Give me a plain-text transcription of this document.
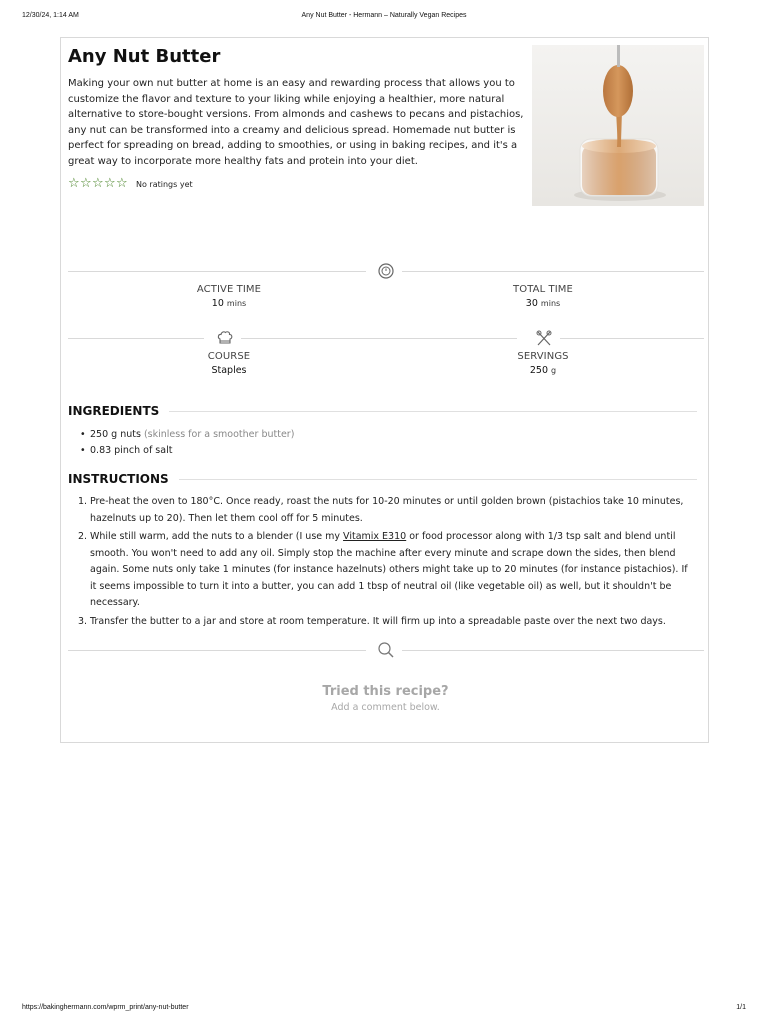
12/30/24, 1:14 AM	Any Nut Butter - Hermann – Naturally Vegan Recipes
Any Nut Butter

Making your own nut butter at home is an easy and rewarding process that allows you to customize the flavor and texture to your liking while enjoying a healthier, more natural alternative to store-bought versions. From almonds and cashews to pecans and pistachios, any nut can be transformed into a creamy and delicious spread. Homemade nut butter is perfect for spreading on bread, adding to smoothies, or using in baking recipes, and it's a great way to incorporate more healthy fats and protein into your diet.

☆ ☆ ☆ ☆ ☆ No ratings yet
ACTIVE TIME
10 mins
TOTAL TIME
30 mins
COURSE
Staples
SERVINGS
250 g
INGREDIENTS
• 250 g nuts (skinless for a smoother butter)
• 0.83 pinch of salt
INSTRUCTIONS
1. Pre-heat the oven to 180°C. Once ready, roast the nuts for 10-20 minutes or until golden brown (pistachios take 10 minutes, hazelnuts up to 20). Then let them cool off for 5 minutes.
2. While still warm, add the nuts to a blender (I use my Vitamix E310 or food processor along with 1/3 tsp salt and blend until smooth. You won't need to add any oil. Simply stop the machine after every minute and scrape down the sides, then blend again. Some nuts only take 1 minutes (for instance hazelnuts) others might take up to 20 minutes (for instance pistachios). If it seems impossible to turn it into a butter, you can add 1 tbsp of neutral oil (like vegetable oil) as well, but it shouldn't be necessary.
3. Transfer the butter to a jar and store at room temperature. It will firm up into a spreadable paste over the next two days.
Tried this recipe?
Add a comment below.
https://bakinghermann.com/wprm_print/any-nut-butter	1/1
